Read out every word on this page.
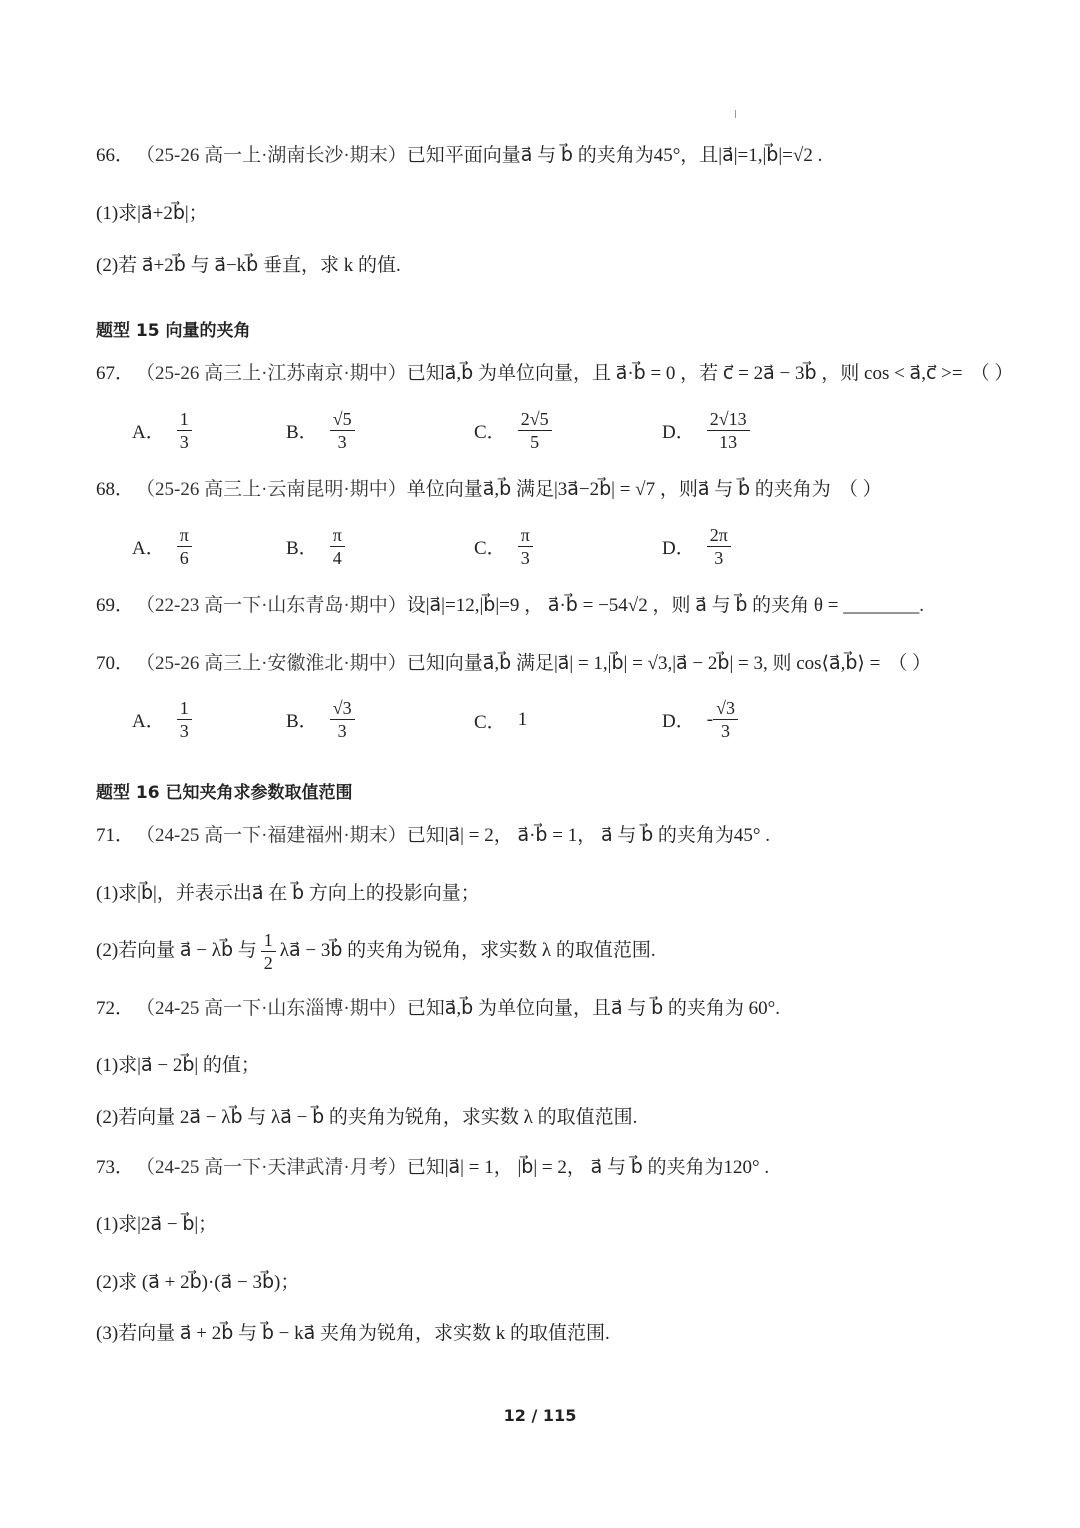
66． （25-26 高一上·湖南长沙·期末）已知平面向量a⃗ 与 b⃗ 的夹角为45°，且|a⃗|=1,|b⃗|=√2 .
(1)求|a⃗+2b⃗|；
(2)若 a⃗+2b⃗ 与 a⃗−kb⃗ 垂直，求 k 的值.
题型 15 向量的夹角
67． （25-26 高三上·江苏南京·期中）已知a⃗,b⃗ 为单位向量，且 a⃗·b⃗ = 0 ，若 c⃗ = 2a⃗ − 3b⃗ ，则 cos < a⃗,c⃗ >= （ ）
A． $\frac{1}{3}$	B． $\frac{√5}{3}$	C． $\frac{2√5}{5}$	D． $\frac{2√13}{13}$
68． （25-26 高三上·云南昆明·期中）单位向量a⃗,b⃗ 满足|3a⃗−2b⃗| = √7 ，则a⃗ 与 b⃗ 的夹角为 （ ）
A． $\frac{\pi}{6}$	B． $\frac{\pi}{4}$	C． $\frac{\pi}{3}$	D． $\frac{2\pi}{3}$
69． （22-23 高一下·山东青岛·期中）设|a⃗|=12,|b⃗|=9 ， a⃗·b⃗ = −54√2 ，则 a⃗ 与 b⃗ 的夹角 θ = ________.
70． （25-26 高三上·安徽淮北·期中）已知向量a⃗,b⃗ 满足|a⃗| = 1,|b⃗| = √3,|a⃗ − 2b⃗| = 3, 则 cos⟨a⃗,b⃗⟩ = （ ）
A． $\frac{1}{3}$	B． $\frac{√3}{3}$	C． 1	D． - $\frac{√3}{3}$
题型 16 已知夹角求参数取值范围
71． （24-25 高一下·福建福州·期末）已知|a⃗| = 2， a⃗·b⃗ = 1， a⃗ 与 b⃗ 的夹角为45° .
(1)求|b⃗|，并表示出a⃗ 在 b⃗ 方向上的投影向量；
(2)若向量 a⃗ − λb⃗ 与 $\frac{1}{2}$ λa⃗ − 3b⃗ 的夹角为锐角，求实数 λ 的取值范围.
72． （24-25 高一下·山东淄博·期中）已知a⃗,b⃗ 为单位向量，且a⃗ 与 b⃗ 的夹角为 60°.
(1)求|a⃗ − 2b⃗| 的值；
(2)若向量 2a⃗ − λb⃗ 与 λa⃗ − b⃗ 的夹角为锐角，求实数 λ 的取值范围.
73． （24-25 高一下·天津武清·月考）已知|a⃗| = 1， |b⃗| = 2， a⃗ 与 b⃗ 的夹角为120° .
(1)求|2a⃗ − b⃗|；
(2)求 (a⃗ + 2b⃗)·(a⃗ − 3b⃗)；
(3)若向量 a⃗ + 2b⃗ 与 b⃗ − ka⃗ 夹角为锐角，求实数 k 的取值范围.
12 / 115
